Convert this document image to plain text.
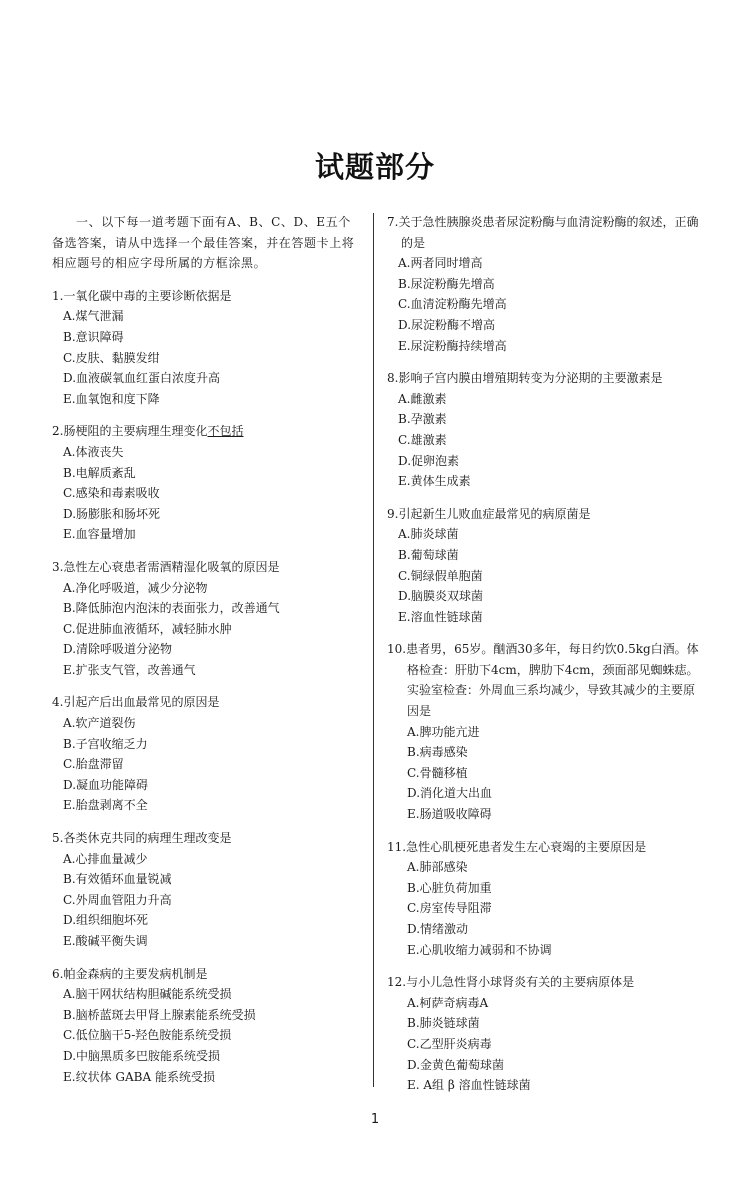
试题部分
一、以下每一道考题下面有A、B、C、D、E五个备选答案，请从中选择一个最佳答案，并在答题卡上将相应题号的相应字母所属的方框涂黑。
1.一氧化碳中毒的主要诊断依据是
A.煤气泄漏
B.意识障碍
C.皮肤、黏膜发绀
D.血液碳氧血红蛋白浓度升高
E.血氧饱和度下降
2.肠梗阻的主要病理生理变化不包括
A.体液丧失
B.电解质紊乱
C.感染和毒素吸收
D.肠膨胀和肠坏死
E.血容量增加
3.急性左心衰患者需酒精湿化吸氧的原因是
A.净化呼吸道，减少分泌物
B.降低肺泡内泡沫的表面张力，改善通气
C.促进肺血液循环，减轻肺水肿
D.清除呼吸道分泌物
E.扩张支气管，改善通气
4.引起产后出血最常见的原因是
A.软产道裂伤
B.子宫收缩乏力
C.胎盘滞留
D.凝血功能障碍
E.胎盘剥离不全
5.各类休克共同的病理生理改变是
A.心排血量减少
B.有效循环血量锐减
C.外周血管阻力升高
D.组织细胞坏死
E.酸碱平衡失调
6.帕金森病的主要发病机制是
A.脑干网状结构胆碱能系统受损
B.脑桥蓝斑去甲肾上腺素能系统受损
C.低位脑干5-羟色胺能系统受损
D.中脑黑质多巴胺能系统受损
E.纹状体 GABA 能系统受损
7.关于急性胰腺炎患者尿淀粉酶与血清淀粉酶的叙述，正确的是
A.两者同时增高
B.尿淀粉酶先增高
C.血清淀粉酶先增高
D.尿淀粉酶不增高
E.尿淀粉酶持续增高
8.影响子宫内膜由增殖期转变为分泌期的主要激素是
A.雌激素
B.孕激素
C.雄激素
D.促卵泡素
E.黄体生成素
9.引起新生儿败血症最常见的病原菌是
A.肺炎球菌
B.葡萄球菌
C.铜绿假单胞菌
D.脑膜炎双球菌
E.溶血性链球菌
10.患者男，65岁。酗酒30多年，每日约饮0.5kg白酒。体格检查：肝肋下4cm，脾肋下4cm，颈面部见蜘蛛痣。实验室检查：外周血三系均减少，导致其减少的主要原因是
A.脾功能亢进
B.病毒感染
C.骨髓移植
D.消化道大出血
E.肠道吸收障碍
11.急性心肌梗死患者发生左心衰竭的主要原因是
A.肺部感染
B.心脏负荷加重
C.房室传导阻滞
D.情绪激动
E.心肌收缩力减弱和不协调
12.与小儿急性肾小球肾炎有关的主要病原体是
A.柯萨奇病毒A
B.肺炎链球菌
C.乙型肝炎病毒
D.金黄色葡萄球菌
E. A组 β 溶血性链球菌
1
